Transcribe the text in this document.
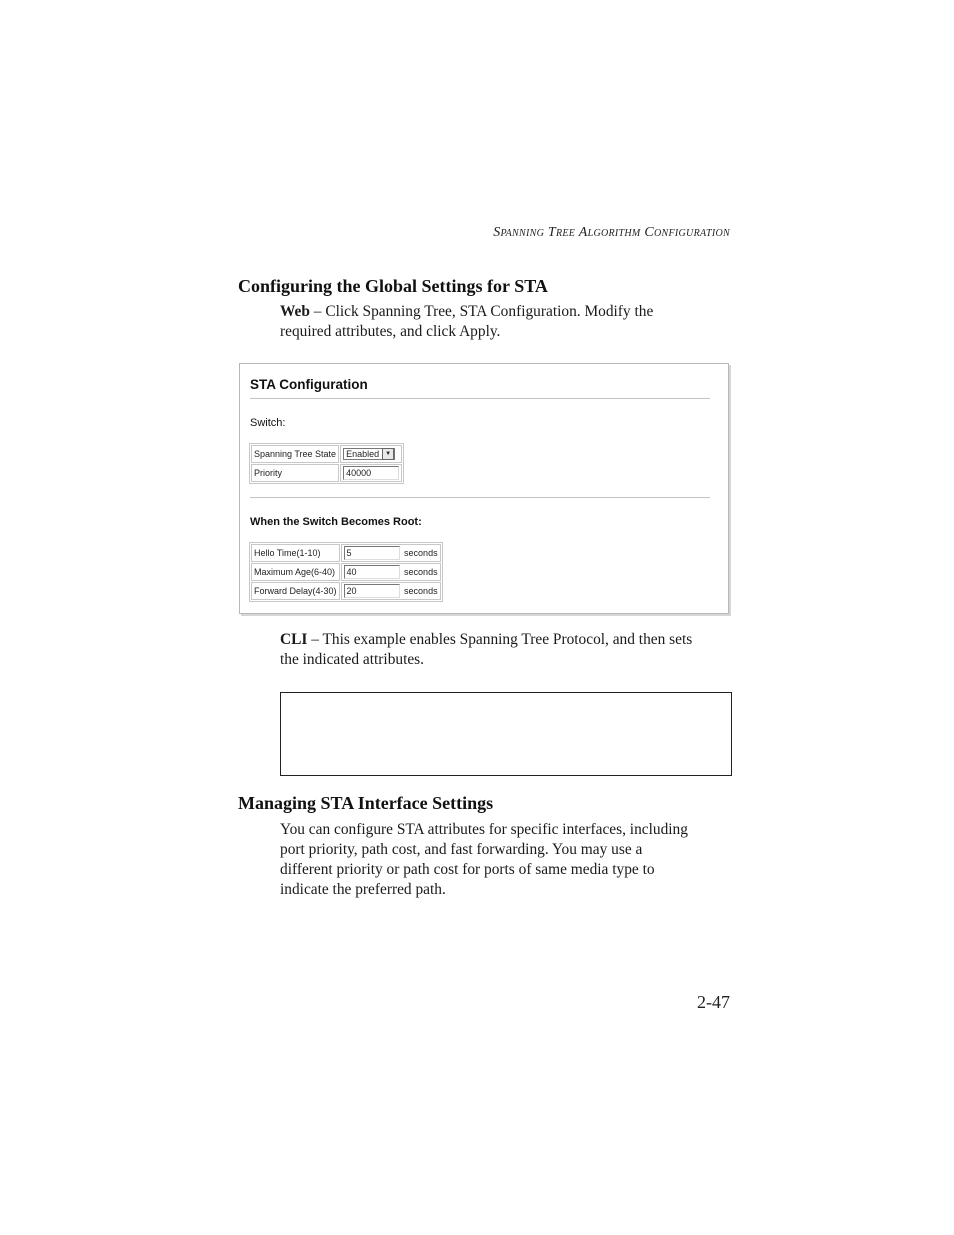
Spanning Tree Algorithm Configuration
Configuring the Global Settings for STA

Web – Click Spanning Tree, STA Configuration. Modify the
required attributes, and click Apply.

STA Configuration
Switch:
Spanning Tree State	Enabled ▼

Priority	40000
When the Switch Becomes Root:
Hello Time(1-10)	5 seconds
Maximum Age(6-40)	40 seconds
Forward Delay(4-30)	20 seconds

CLI – This example enables Spanning Tree Protocol, and then sets
the indicated attributes.

Managing STA Interface Settings

You can configure STA attributes for specific interfaces, including
port priority, path cost, and fast forwarding. You may use a
different priority or path cost for ports of same media type to
indicate the preferred path.

2-47
